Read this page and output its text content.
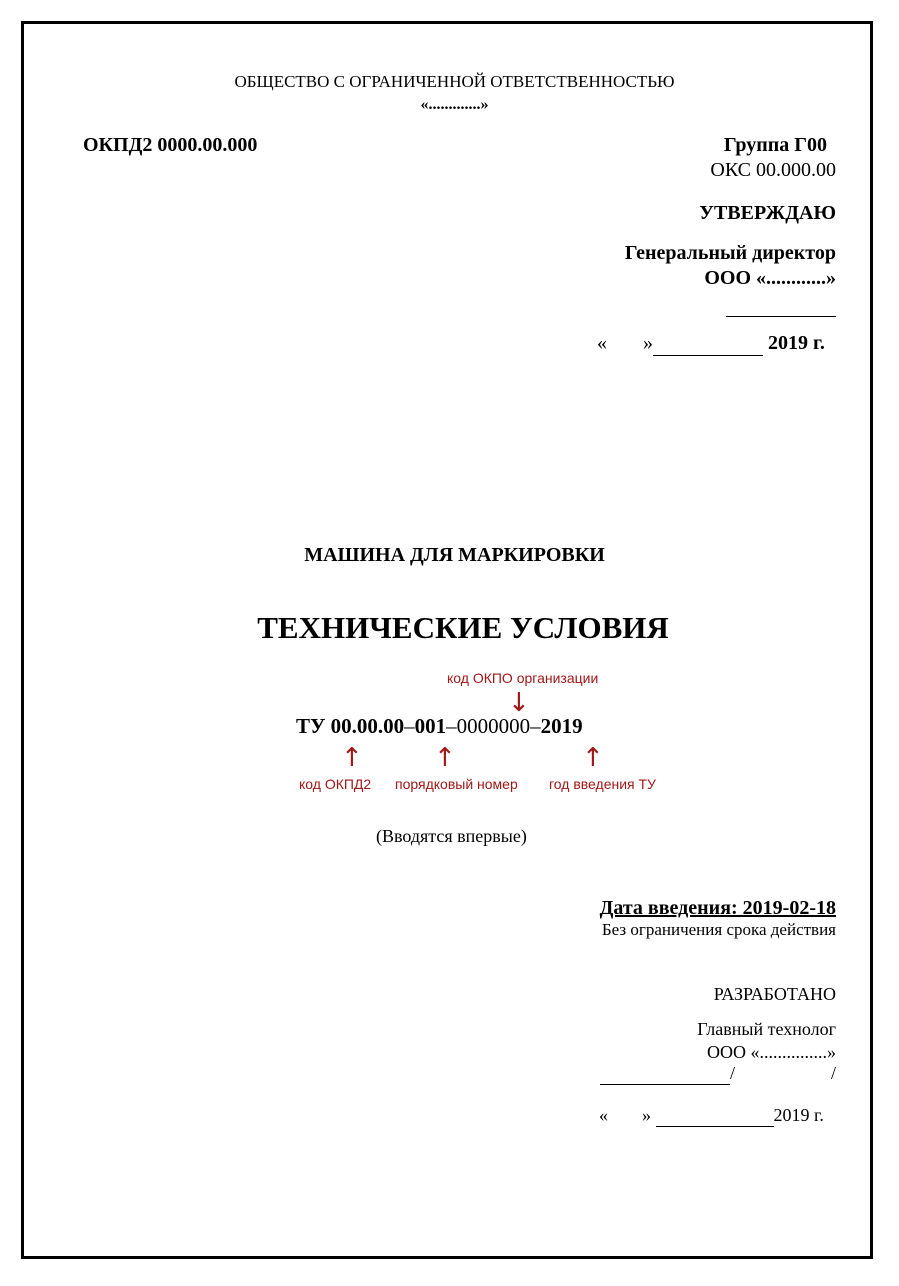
ОБЩЕСТВО С ОГРАНИЧЕННОЙ ОТВЕТСТВЕННОСТЬЮ
«.............»
ОКПД2 0000.00.000	Группа Г00
ОКС 00.000.00
УТВЕРЖДАЮ
Генеральный директор
ООО «............»
« »	2019 г.
МАШИНА ДЛЯ МАРКИРОВКИ
ТЕХНИЧЕСКИЕ УСЛОВИЯ
код ОКПО организации
↓
ТУ 00.00.00–001–0000000–2019
↑	↑	↑
код ОКПД2 порядковый номер год введения ТУ
(Вводятся впервые)
Дата введения: 2019-02-18
Без ограничения срока действия
РАЗРАБОТАНО
Главный технолог
ООО «...............»
/	/
« »	2019 г.
